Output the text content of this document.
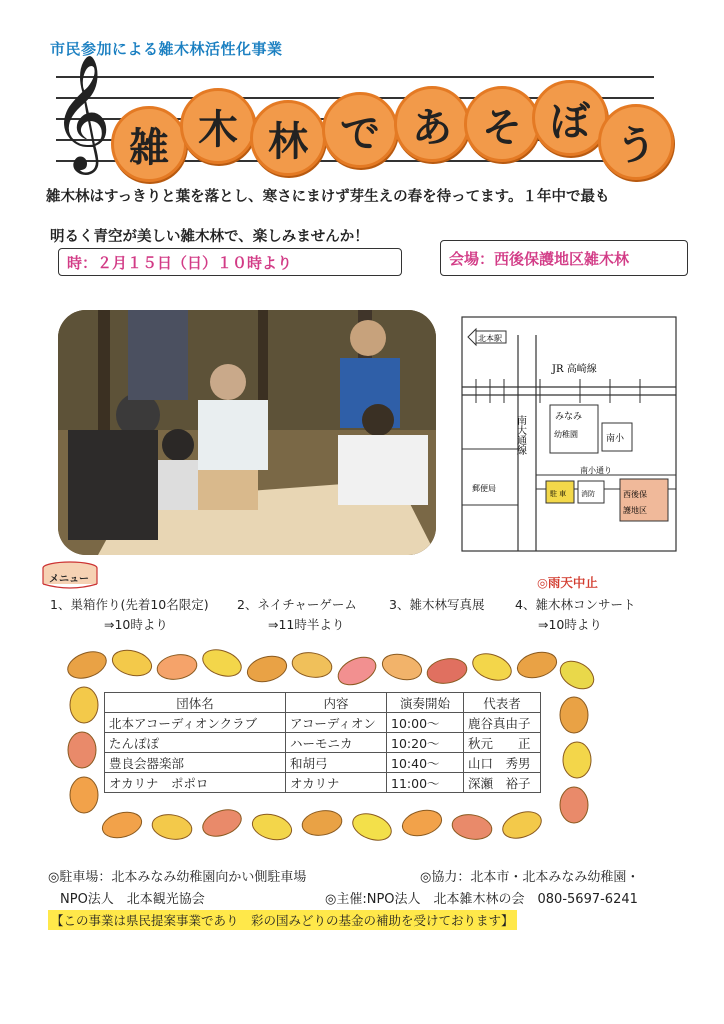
市民参加による雑木林活性化事業
𝄞 雑 木 林 で あ そ ぼ
う
雑木林はすっきりと葉を落とし、寒さにまけず芽生えの春を待ってます。１年中で最も
明るく青空が美しい雑木林で、楽しみませんか！
時：２月１５日（日）１０時より	会場：西後保護地区雑木林
北本駅
JR 高崎線
南大通線	みなみ
幼稚園	南小
南小通り
郵便局
駐 車 消防	西後保
護地区
メニュー	◎雨天中止
1、巣箱作り(先着10名限定)
⇒10時より
2、ネイチャーゲーム
⇒11時半より
3、雑木林写真展 4、雑木林コンサート
⇒10時より
団体名	内容	演奏開始	代表者
北本アコーディオンクラブ	アコーディオン	10:00～	鹿谷真由子
たんぽぽ	ハーモニカ	10:20～	秋元　　正
豊良会器楽部	和胡弓	10:40～	山口　秀男
オカリナ　ポポロ	オカリナ	11:00～	深瀬　裕子
◎駐車場：北本みなみ幼稚園向かい側駐車場	◎協力：北本市・北本みなみ幼稚園・
NPO法人　北本観光協会	◎主催:NPO法人　北本雑木林の会　080-5697-6241
【この事業は県民提案事業であり　彩の国みどりの基金の補助を受けております】
